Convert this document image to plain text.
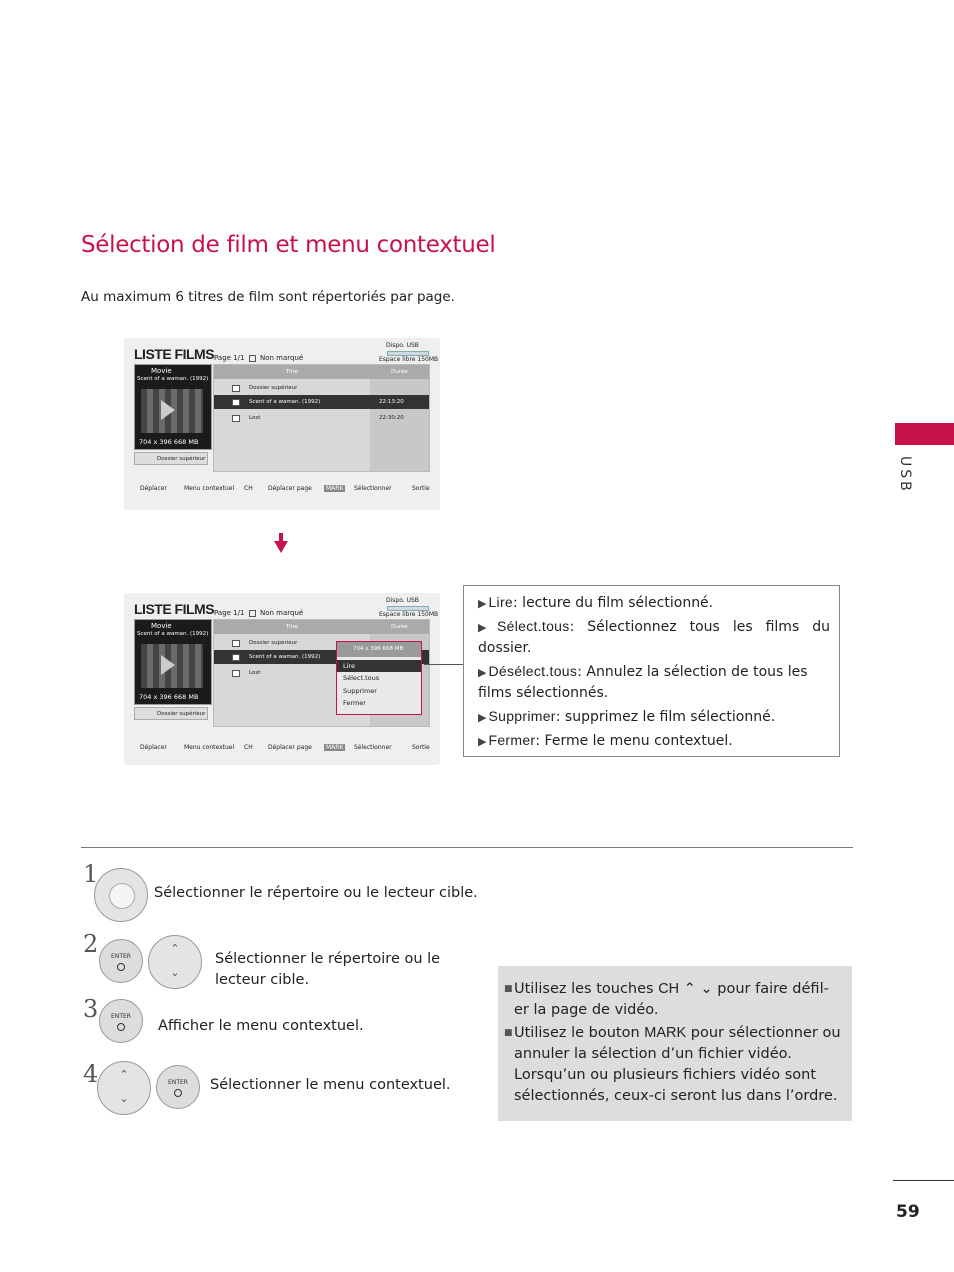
Sélection de film et menu contextuel
Au maximum 6 titres de film sont répertoriés par page.
USB
LISTE FILMS Page 1/1	Non marqué
Dispo. USB
Espace libre 150MB
Movie
Scent of a waman. (1992)
704 x 396 668 MB
Dossier supérieur
Titre	Durée
Dossier supérieur
Scent of a waman. (1992)	22:13:20
Lost	22:30:20
Déplacer	Menu contextuel CH	Déplacer page	MARK	Sélectionner	Sortie
LISTE FILMS Page 1/1	Non marqué
Dispo. USB
Espace libre 150MB
Movie
Scent of a waman. (1992)
704 x 396 668 MB
Dossier supérieur
Titre	Durée
Dossier supérieur
Scent of a waman. (1992)
Lost
704 x 396 668 MB
Lire
Sélect.tous
Supprimer
Fermer
Déplacer	Menu contextuel CH	Déplacer page	MARK	Sélectionner	Sortie
▶ Lire: lecture du film sélectionné.
▶ Sélect.tous: Sélectionnez tous les films du dossier.
▶ Désélect.tous: Annulez la sélection de tous les films sélectionnés.
▶ Supprimer: supprimez le film sélectionné.
▶ Fermer: Ferme le menu contextuel.
1
Sélectionner le répertoire ou le lecteur cible.
2	ENTER
⌃
⌄
Sélectionner le répertoire ou le
lecteur cible.
3	ENTER
Afficher le menu contextuel.
4	⌃
⌄
ENTER	Sélectionner le menu contextuel.
■ Utilisez les touches CH ⌃ ⌄ pour faire défil-
er la page de vidéo.
■ Utilisez le bouton MARK pour sélectionner ou
annuler la sélection d’un fichier vidéo.
Lorsqu’un ou plusieurs fichiers vidéo sont
sélectionnés, ceux-ci seront lus dans l’ordre.
59
